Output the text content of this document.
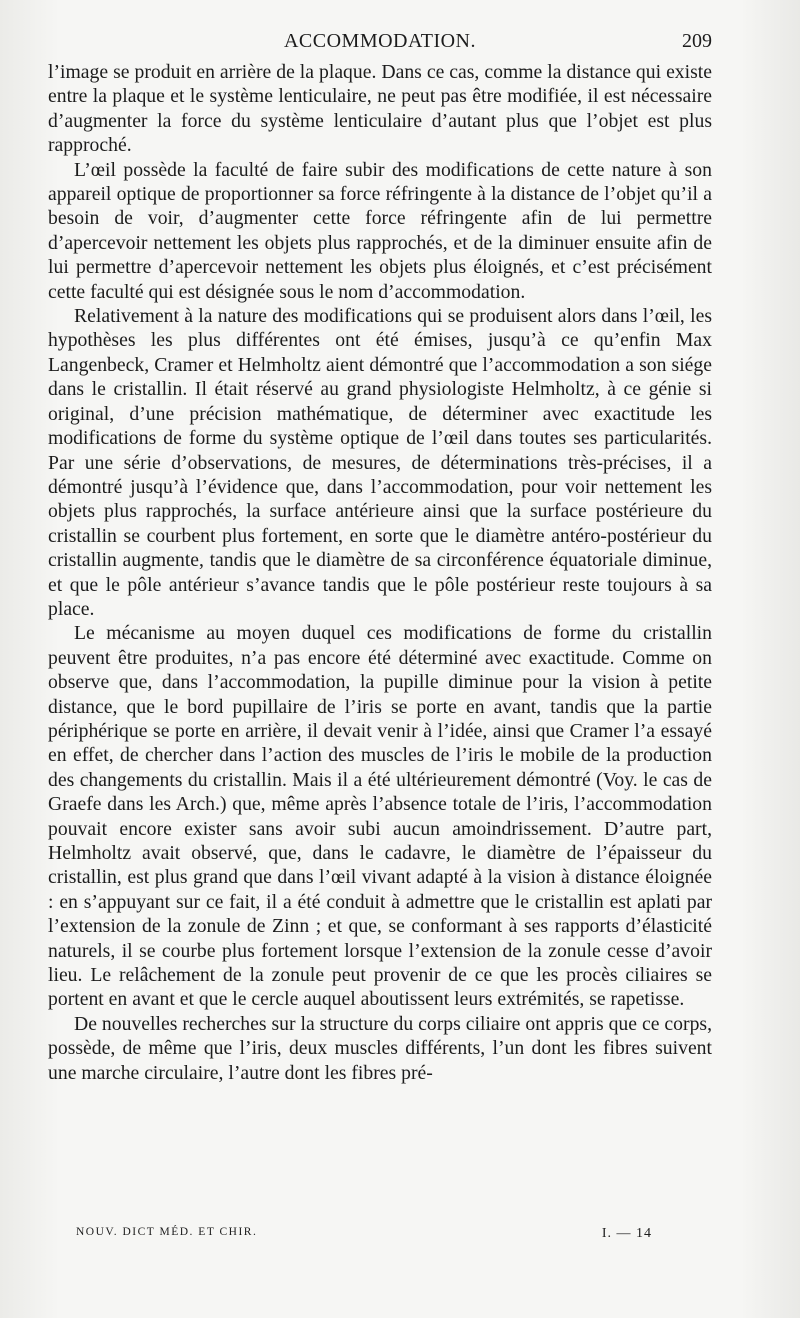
ACCOMMODATION.	209

l’image se produit en arrière de la plaque. Dans ce cas, comme la distance qui existe entre la plaque et le système lenticulaire, ne peut pas être modifiée, il est nécessaire d’augmenter la force du système lenticulaire d’autant plus que l’objet est plus rapproché.

L’œil possède la faculté de faire subir des modifications de cette nature à son appareil optique de proportionner sa force réfringente à la distance de l’objet qu’il a besoin de voir, d’augmenter cette force réfringente afin de lui permettre d’apercevoir nettement les objets plus rapprochés, et de la diminuer ensuite afin de lui permettre d’apercevoir nettement les objets plus éloignés, et c’est précisément cette faculté qui est désignée sous le nom d’accommodation.

Relativement à la nature des modifications qui se produisent alors dans l’œil, les hypothèses les plus différentes ont été émises, jusqu’à ce qu’enfin Max Langenbeck, Cramer et Helmholtz aient démontré que l’accommodation a son siége dans le cristallin. Il était réservé au grand physiologiste Helmholtz, à ce génie si original, d’une précision mathématique, de déterminer avec exactitude les modifications de forme du système optique de l’œil dans toutes ses particularités. Par une série d’observations, de mesures, de déterminations très-précises, il a démontré jusqu’à l’évidence que, dans l’accommodation, pour voir nettement les objets plus rapprochés, la surface antérieure ainsi que la surface postérieure du cristallin se courbent plus fortement, en sorte que le diamètre antéro-postérieur du cristallin augmente, tandis que le diamètre de sa circonférence équatoriale diminue, et que le pôle antérieur s’avance tandis que le pôle postérieur reste toujours à sa place.

Le mécanisme au moyen duquel ces modifications de forme du cristallin peuvent être produites, n’a pas encore été déterminé avec exactitude. Comme on observe que, dans l’accommodation, la pupille diminue pour la vision à petite distance, que le bord pupillaire de l’iris se porte en avant, tandis que la partie périphérique se porte en arrière, il devait venir à l’idée, ainsi que Cramer l’a essayé en effet, de chercher dans l’action des muscles de l’iris le mobile de la production des changements du cristallin. Mais il a été ultérieurement démontré (Voy. le cas de Graefe dans les Arch.) que, même après l’absence totale de l’iris, l’accommodation pouvait encore exister sans avoir subi aucun amoindrissement. D’autre part, Helmholtz avait observé, que, dans le cadavre, le diamètre de l’épaisseur du cristallin, est plus grand que dans l’œil vivant adapté à la vision à distance éloignée : en s’appuyant sur ce fait, il a été conduit à admettre que le cristallin est aplati par l’extension de la zonule de Zinn ; et que, se conformant à ses rapports d’élasticité naturels, il se courbe plus fortement lorsque l’extension de la zonule cesse d’avoir lieu. Le relâchement de la zonule peut provenir de ce que les procès ciliaires se portent en avant et que le cercle auquel aboutissent leurs extrémités, se rapetisse.

De nouvelles recherches sur la structure du corps ciliaire ont appris que ce corps, possède, de même que l’iris, deux muscles différents, l’un dont les fibres suivent une marche circulaire, l’autre dont les fibres pré-

NOUV. DICT MÉD. ET CHIR.	I. — 14
